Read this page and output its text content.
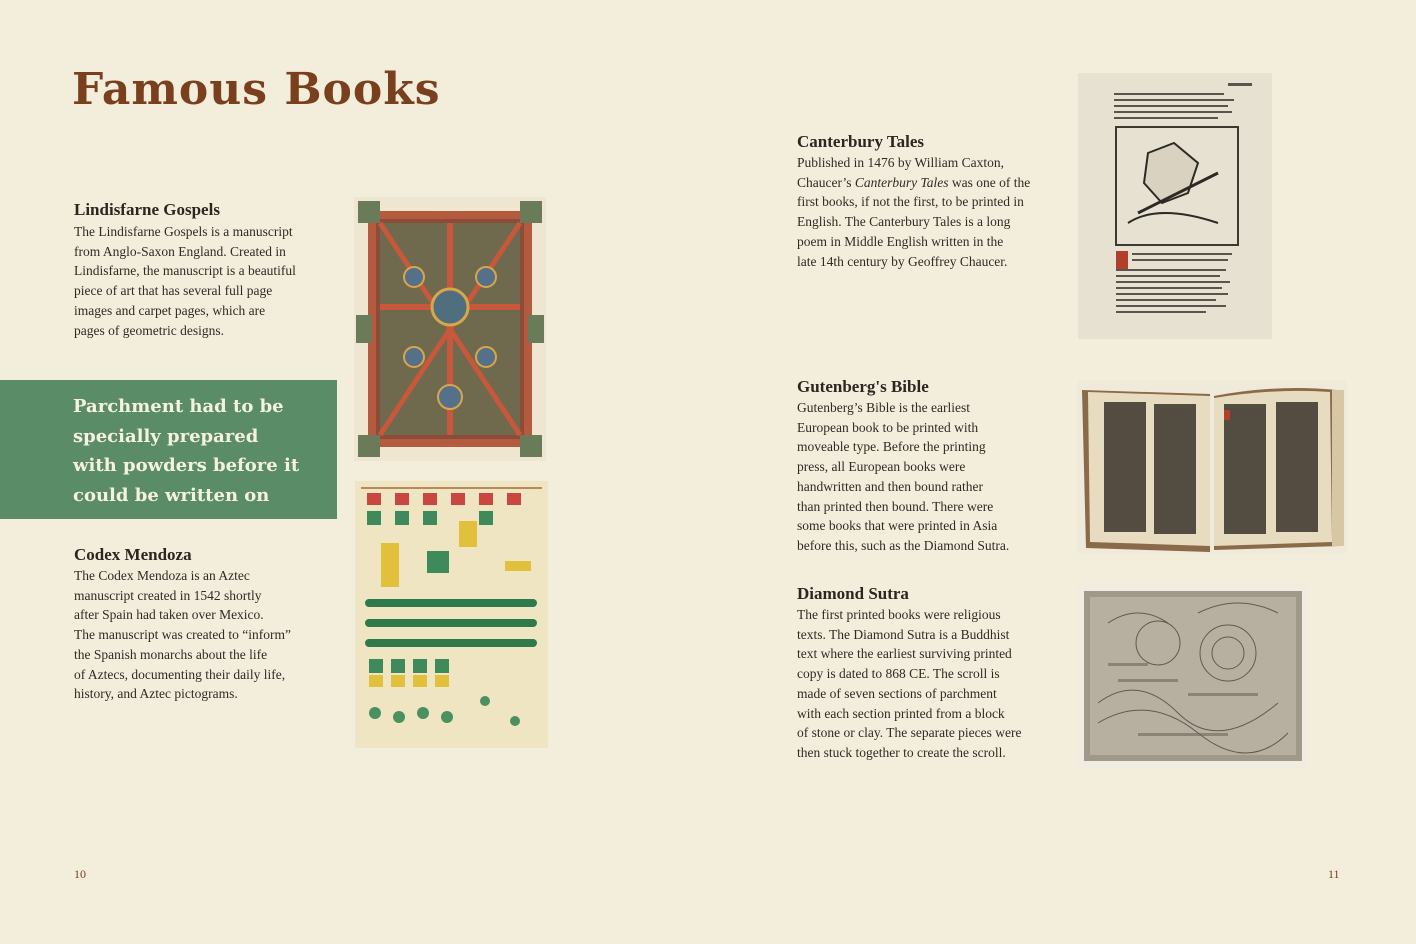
Famous Books

Lindisfarne Gospels

The Lindisfarne Gospels is a manuscript
from Anglo-Saxon England. Created in
Lindisfarne, the manuscript is a beautiful
piece of art that has several full page
images and carpet pages, which are
pages of geometric designs.

Parchment had to be
specially prepared
with powders before it
could be written on

Codex Mendoza

The Codex Mendoza is an Aztec
manuscript created in 1542 shortly
after Spain had taken over Mexico.
The manuscript was created to “inform”
the Spanish monarchs about the life
of Aztecs, documenting their daily life,
history, and Aztec pictograms.

Canterbury Tales

Published in 1476 by William Caxton,

Chaucer’s Canterbury Tales was one of the

first books, if not the first, to be printed in
English. The Canterbury Tales is a long
poem in Middle English written in the
late 14th century by Geoffrey Chaucer.

Gutenberg's Bible

Gutenberg’s Bible is the earliest
European book to be printed with
moveable type. Before the printing
press, all European books were
handwritten and then bound rather
than printed then bound. There were
some books that were printed in Asia
before this, such as the Diamond Sutra.

Diamond Sutra

The first printed books were religious
texts. The Diamond Sutra is a Buddhist
text where the earliest surviving printed
copy is dated to 868 CE. The scroll is
made of seven sections of parchment
with each section printed from a block
of stone or clay. The separate pieces were
then stuck together to create the scroll.

10	11
